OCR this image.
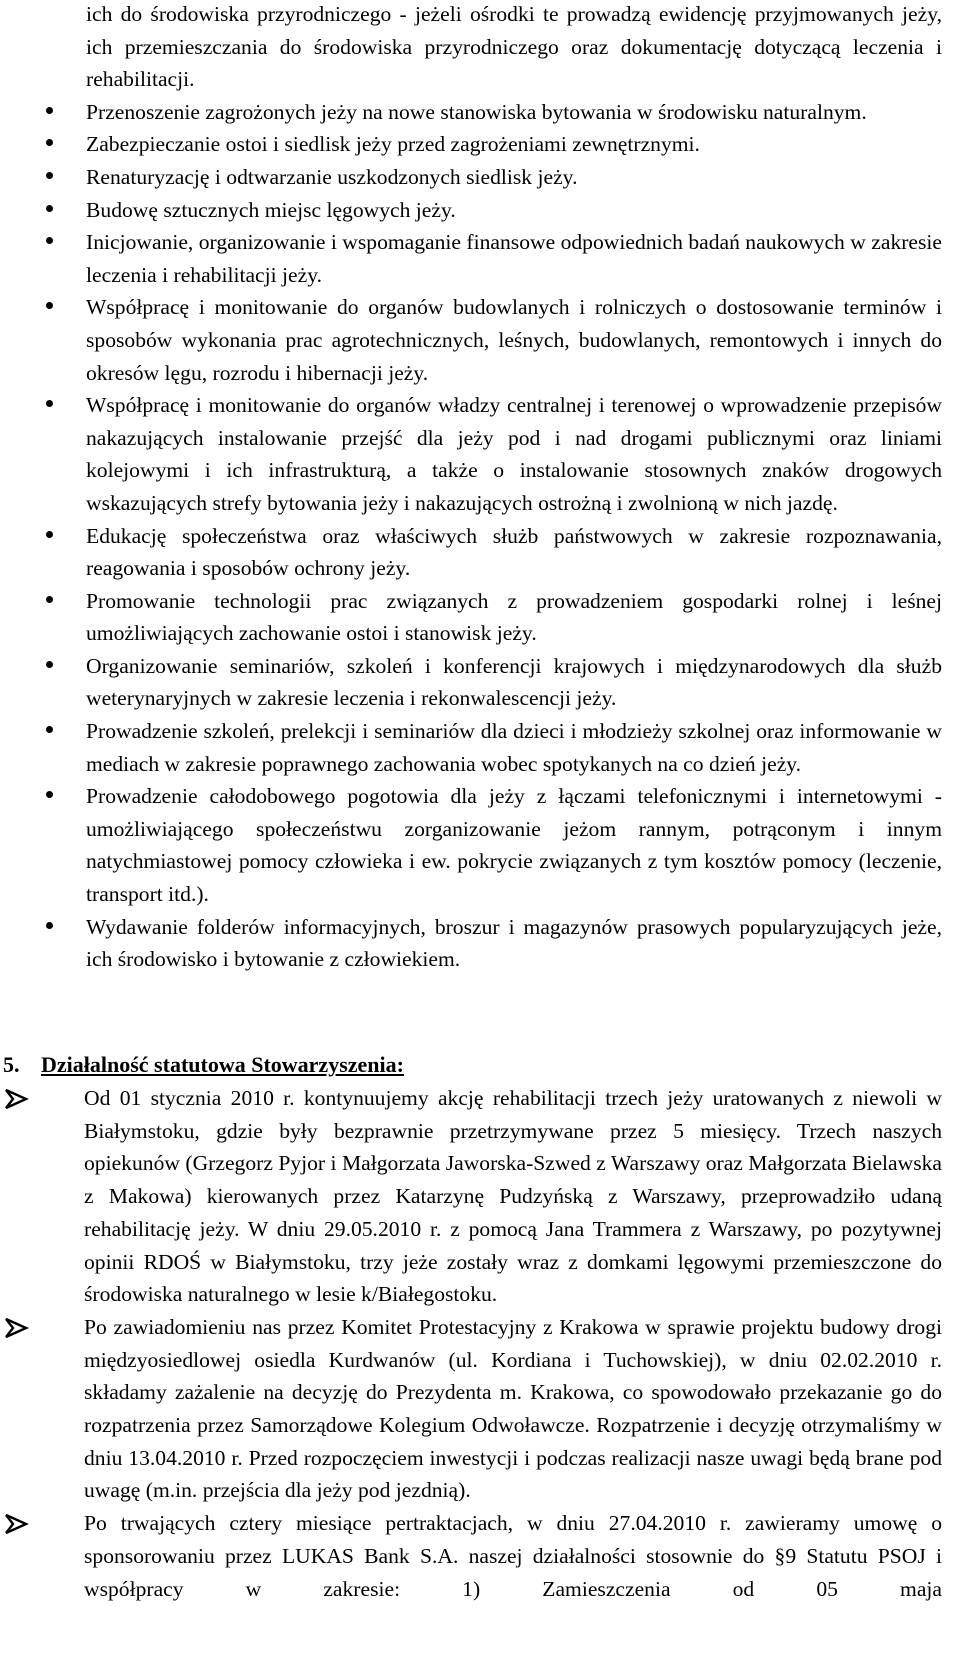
ich do środowiska przyrodniczego - jeżeli ośrodki te prowadzą ewidencję przyjmowanych jeży, ich przemieszczania do środowiska przyrodniczego oraz dokumentację dotyczącą leczenia i rehabilitacji.
Przenoszenie zagrożonych jeży na nowe stanowiska bytowania w środowisku naturalnym.
Zabezpieczanie ostoi i siedlisk jeży przed zagrożeniami zewnętrznymi.
Renaturyzację i odtwarzanie uszkodzonych siedlisk jeży.
Budowę sztucznych miejsc lęgowych jeży.
Inicjowanie, organizowanie i wspomaganie finansowe odpowiednich badań naukowych w zakresie leczenia i rehabilitacji jeży.
Współpracę i monitowanie do organów budowlanych i rolniczych o dostosowanie terminów i sposobów wykonania prac agrotechnicznych, leśnych, budowlanych, remontowych i innych do okresów lęgu, rozrodu i hibernacji jeży.
Współpracę i monitowanie do organów władzy centralnej i terenowej o wprowadzenie przepisów nakazujących instalowanie przejść dla jeży pod i nad drogami publicznymi oraz liniami kolejowymi i ich infrastrukturą, a także o instalowanie stosownych znaków drogowych wskazujących strefy bytowania jeży i nakazujących ostrożną i zwolnioną w nich jazdę.
Edukację społeczeństwa oraz właściwych służb państwowych w zakresie rozpoznawania, reagowania i sposobów ochrony jeży.
Promowanie technologii prac związanych z prowadzeniem gospodarki rolnej i leśnej umożliwiających zachowanie ostoi i stanowisk jeży.
Organizowanie seminariów, szkoleń i konferencji krajowych i międzynarodowych dla służb weterynaryjnych w zakresie leczenia i rekonwalescencji jeży.
Prowadzenie szkoleń, prelekcji i seminariów dla dzieci i młodzieży szkolnej oraz informowanie w mediach w zakresie poprawnego zachowania wobec spotykanych na co dzień jeży.
Prowadzenie całodobowego pogotowia dla jeży z łączami telefonicznymi i internetowymi - umożliwiającego społeczeństwu zorganizowanie jeżom rannym, potrąconym i innym natychmiastowej pomocy człowieka i ew. pokrycie związanych z tym kosztów pomocy (leczenie, transport itd.).
Wydawanie folderów informacyjnych, broszur i magazynów prasowych popularyzujących jeże, ich środowisko i bytowanie z człowiekiem.
5. Działalność statutowa Stowarzyszenia:
Od 01 stycznia 2010 r. kontynuujemy akcję rehabilitacji trzech jeży uratowanych z niewoli w Białymstoku, gdzie były bezprawnie przetrzymywane przez 5 miesięcy. Trzech naszych opiekunów (Grzegorz Pyjor i Małgorzata Jaworska-Szwed z Warszawy oraz Małgorzata Bielawska z Makowa) kierowanych przez Katarzynę Pudzyńską z Warszawy, przeprowadziło udaną rehabilitację jeży. W dniu 29.05.2010 r. z pomocą Jana Trammera z Warszawy, po pozytywnej opinii RDOŚ w Białymstoku, trzy jeże zostały wraz z domkami lęgowymi przemieszczone do środowiska naturalnego w lesie k/Białegostoku.
Po zawiadomieniu nas przez Komitet Protestacyjny z Krakowa w sprawie projektu budowy drogi międzyosiedlowej osiedla Kurdwanów (ul. Kordiana i Tuchowskiej), w dniu 02.02.2010 r. składamy zażalenie na decyzję do Prezydenta m. Krakowa, co spowodowało przekazanie go do rozpatrzenia przez Samorządowe Kolegium Odwoławcze. Rozpatrzenie i decyzję otrzymaliśmy w dniu 13.04.2010 r. Przed rozpoczęciem inwestycji i podczas realizacji nasze uwagi będą brane pod uwagę (m.in. przejścia dla jeży pod jezdnią).
Po trwających cztery miesiące pertraktacjach, w dniu 27.04.2010 r. zawieramy umowę o sponsorowaniu przez LUKAS Bank S.A. naszej działalności stosownie do §9 Statutu PSOJ i współpracy w zakresie: 1) Zamieszczenia od 05 maja
